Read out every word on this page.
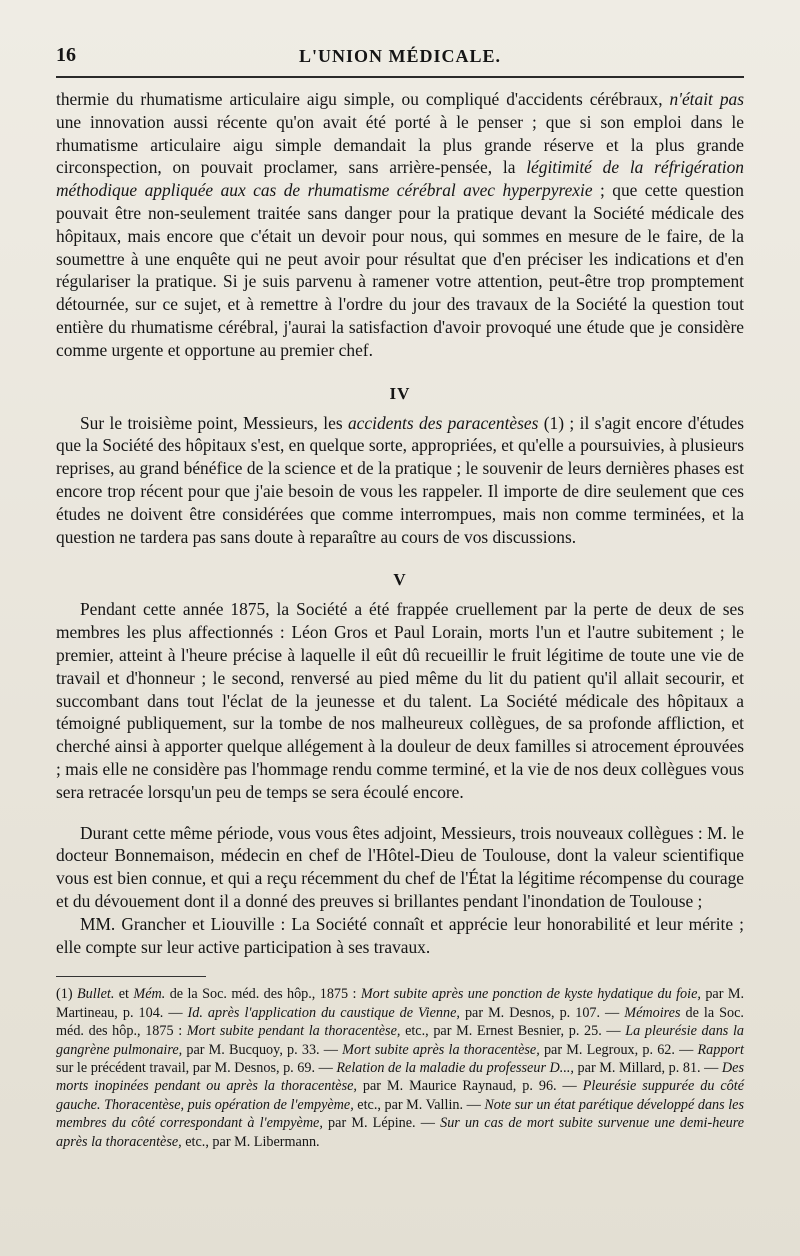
16	L'UNION MÉDICALE.

thermie du rhumatisme articulaire aigu simple, ou compliqué d'accidents cérébraux, n'était pas une innovation aussi récente qu'on avait été porté à le penser ; que si son emploi dans le rhumatisme articulaire aigu simple demandait la plus grande réserve et la plus grande circonspection, on pouvait proclamer, sans arrière-pensée, la légitimité de la réfrigération méthodique appliquée aux cas de rhumatisme cérébral avec hyperpyrexie ; que cette question pouvait être non-seulement traitée sans danger pour la pratique devant la Société médicale des hôpitaux, mais encore que c'était un devoir pour nous, qui sommes en mesure de le faire, de la soumettre à une enquête qui ne peut avoir pour résultat que d'en préciser les indications et d'en régulariser la pratique. Si je suis parvenu à ramener votre attention, peut-être trop promptement détournée, sur ce sujet, et à remettre à l'ordre du jour des travaux de la Société la question tout entière du rhumatisme cérébral, j'aurai la satisfaction d'avoir provoqué une étude que je considère comme urgente et opportune au premier chef.

IV

Sur le troisième point, Messieurs, les accidents des paracentèses (1) ; il s'agit encore d'études que la Société des hôpitaux s'est, en quelque sorte, appropriées, et qu'elle a poursuivies, à plusieurs reprises, au grand bénéfice de la science et de la pratique ; le souvenir de leurs dernières phases est encore trop récent pour que j'aie besoin de vous les rappeler. Il importe de dire seulement que ces études ne doivent être considérées que comme interrompues, mais non comme terminées, et la question ne tardera pas sans doute à reparaître au cours de vos discussions.

V

Pendant cette année 1875, la Société a été frappée cruellement par la perte de deux de ses membres les plus affectionnés : Léon Gros et Paul Lorain, morts l'un et l'autre subitement ; le premier, atteint à l'heure précise à laquelle il eût dû recueillir le fruit légitime de toute une vie de travail et d'honneur ; le second, renversé au pied même du lit du patient qu'il allait secourir, et succombant dans tout l'éclat de la jeunesse et du talent. La Société médicale des hôpitaux a témoigné publiquement, sur la tombe de nos malheureux collègues, de sa profonde affliction, et cherché ainsi à apporter quelque allégement à la douleur de deux familles si atrocement éprouvées ; mais elle ne considère pas l'hommage rendu comme terminé, et la vie de nos deux collègues vous sera retracée lorsqu'un peu de temps se sera écoulé encore.

Durant cette même période, vous vous êtes adjoint, Messieurs, trois nouveaux collègues : M. le docteur Bonnemaison, médecin en chef de l'Hôtel-Dieu de Toulouse, dont la valeur scientifique vous est bien connue, et qui a reçu récemment du chef de l'État la légitime récompense du courage et du dévouement dont il a donné des preuves si brillantes pendant l'inondation de Toulouse ;

MM. Grancher et Liouville : La Société connaît et apprécie leur honorabilité et leur mérite ; elle compte sur leur active participation à ses travaux.

(1) Bullet. et Mém. de la Soc. méd. des hôp., 1875 : Mort subite après une ponction de kyste hydatique du foie, par M. Martineau, p. 104. — Id. après l'application du caustique de Vienne, par M. Desnos, p. 107. — Mémoires de la Soc. méd. des hôp., 1875 : Mort subite pendant la thoracentèse, etc., par M. Ernest Besnier, p. 25. — La pleurésie dans la gangrène pulmonaire, par M. Bucquoy, p. 33. — Mort subite après la thoracentèse, par M. Legroux, p. 62. — Rapport sur le précédent travail, par M. Desnos, p. 69. — Relation de la maladie du professeur D..., par M. Millard, p. 81. — Des morts inopinées pendant ou après la thoracentèse, par M. Maurice Raynaud, p. 96. — Pleurésie suppurée du côté gauche. Thoracentèse, puis opération de l'empyème, etc., par M. Vallin. — Note sur un état parétique développé dans les membres du côté correspondant à l'empyème, par M. Lépine. — Sur un cas de mort subite survenue une demi-heure après la thoracentèse, etc., par M. Libermann.
